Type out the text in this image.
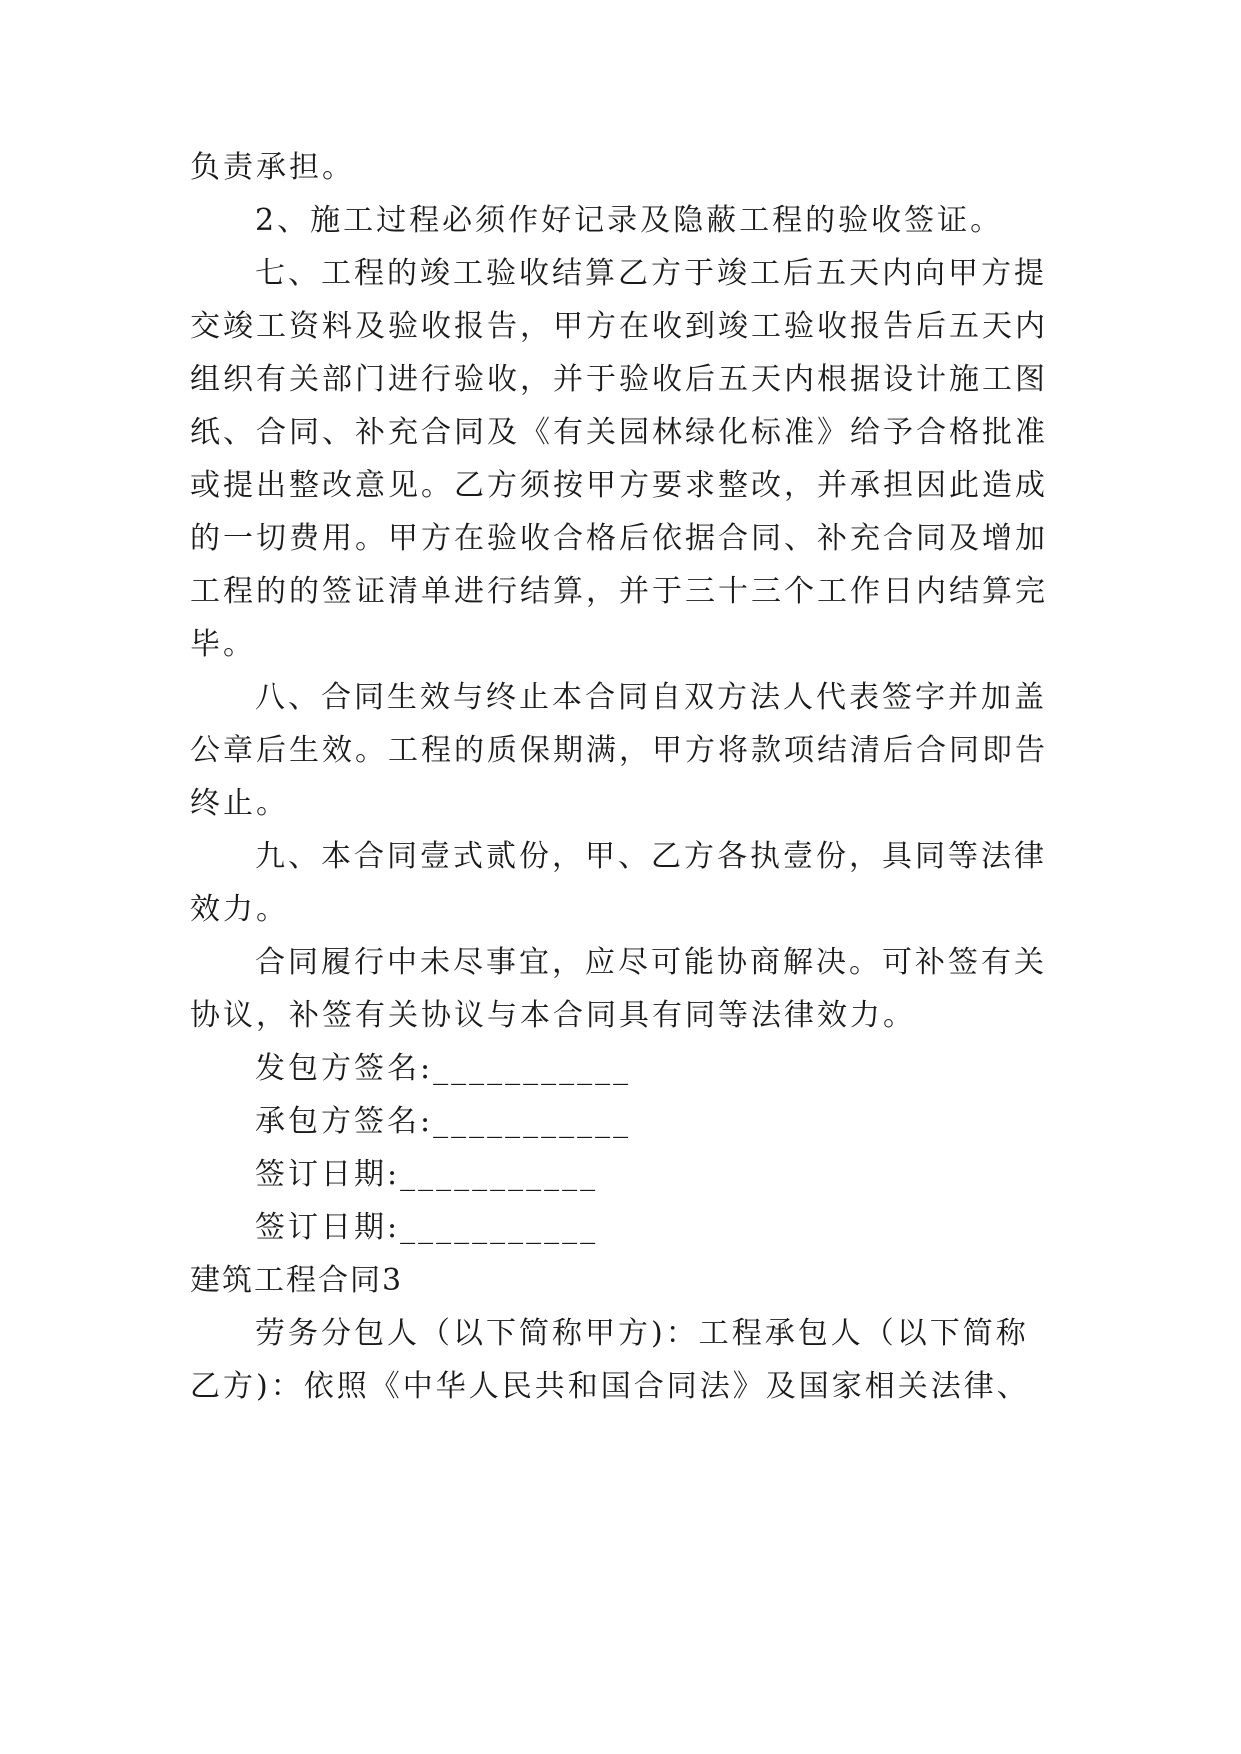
负责承担。
2、施工过程必须作好记录及隐蔽工程的验收签证。
七、工程的竣工验收结算乙方于竣工后五天内向甲方提
交竣工资料及验收报告，甲方在收到竣工验收报告后五天内
组织有关部门进行验收，并于验收后五天内根据设计施工图
纸、合同、补充合同及《有关园林绿化标准》给予合格批准
或提出整改意见。乙方须按甲方要求整改，并承担因此造成
的一切费用。甲方在验收合格后依据合同、补充合同及增加
工程的的签证清单进行结算，并于三十三个工作日内结算完
毕。
八、合同生效与终止本合同自双方法人代表签字并加盖
公章后生效。工程的质保期满，甲方将款项结清后合同即告
终止。
九、本合同壹式贰份，甲、乙方各执壹份，具同等法律
效力。
合同履行中未尽事宜，应尽可能协商解决。可补签有关
协议，补签有关协议与本合同具有同等法律效力。
发包方签名:___________
承包方签名:___________
签订日期:___________
签订日期:___________
建筑工程合同3
劳务分包人（以下简称甲方)：工程承包人（以下简称
乙方)：依照《中华人民共和国合同法》及国家相关法律、
